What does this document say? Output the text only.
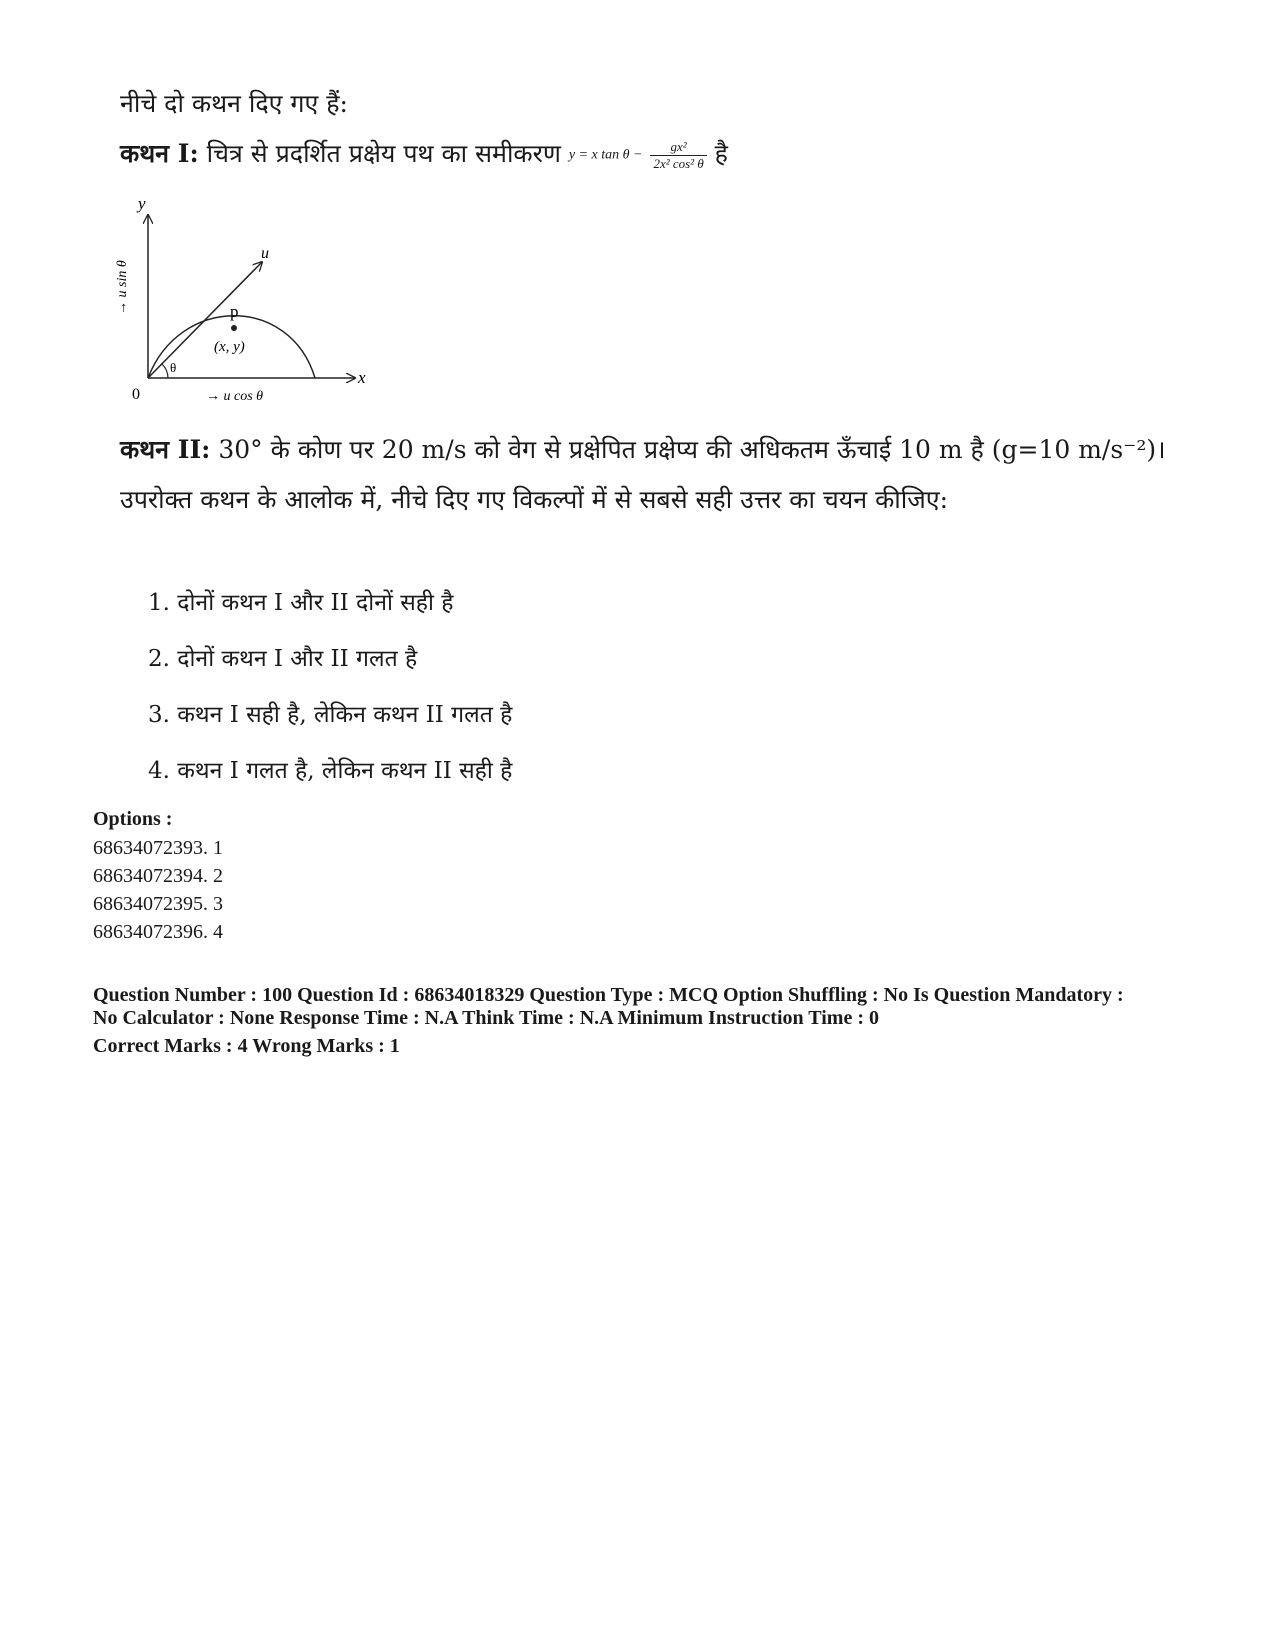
नीचे दो कथन दिए गए हैं:
कथन I: चित्र से प्रदर्शित प्रक्षेय पथ का समीकरण y = x $\tan \theta - \frac{\text{gx²}}{\text{2x² cos² θ}}$ है
y
x
0
u
p
(x, y)
θ
→ u sin θ
→ u cos θ
कथन II: 30° के कोण पर 20 m/s को वेग से प्रक्षेपित प्रक्षेप्य की अधिकतम ऊँचाई 10 m है (g=10 m/s⁻²)।
उपरोक्त कथन के आलोक में, नीचे दिए गए विकल्पों में से सबसे सही उत्तर का चयन कीजिए:
1. दोनों कथन I और II दोनों सही है
2. दोनों कथन I और II गलत है
3. कथन I सही है, लेकिन कथन II गलत है
4. कथन I गलत है, लेकिन कथन II सही है
Options :
68634072393. 1
68634072394. 2
68634072395. 3
68634072396. 4
Question Number : 100 Question Id : 68634018329 Question Type : MCQ Option Shuffling : No Is Question Mandatory :
No Calculator : None Response Time : N.A Think Time : N.A Minimum Instruction Time : 0
Correct Marks : 4 Wrong Marks : 1
